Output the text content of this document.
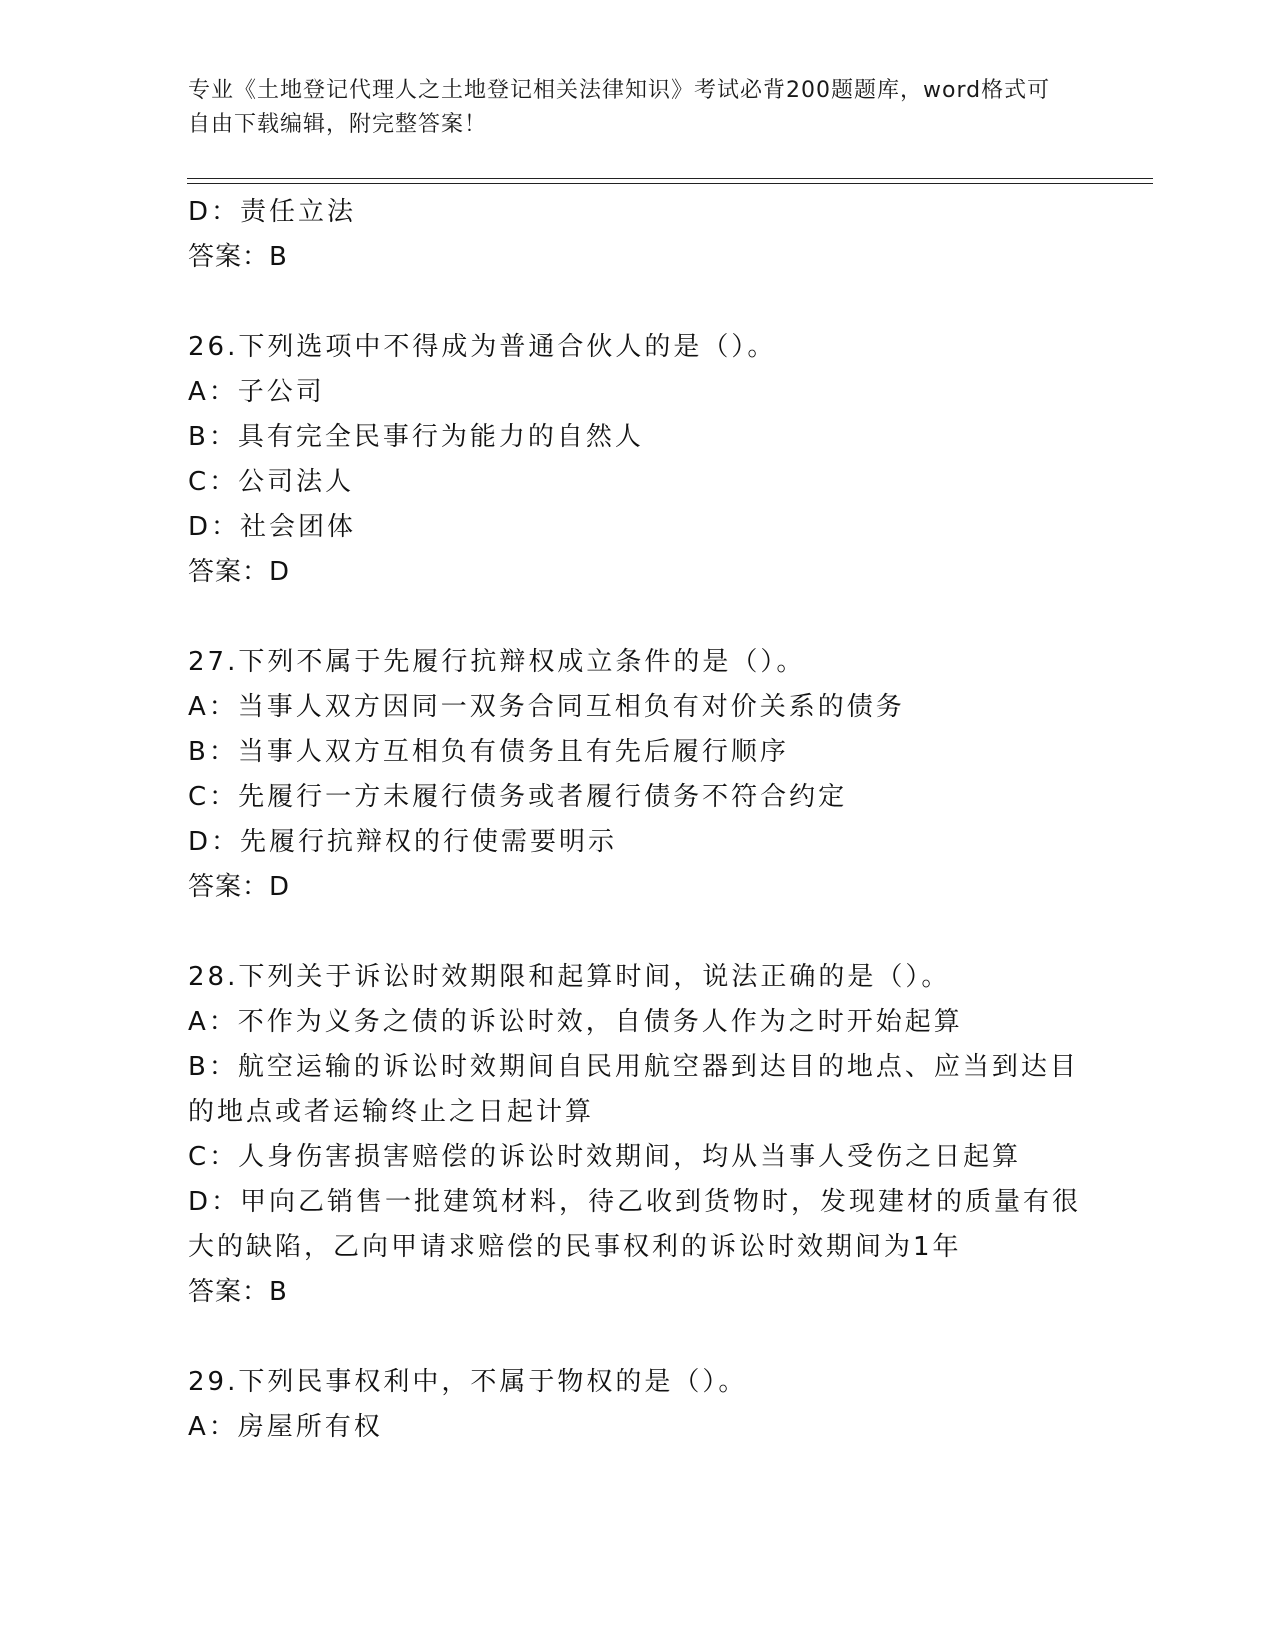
专业《土地登记代理人之土地登记相关法律知识》考试必背200题题库，word格式可自由下载编辑，附完整答案！
D：责任立法
答案：B
26.下列选项中不得成为普通合伙人的是（）。
A：子公司
B：具有完全民事行为能力的自然人
C：公司法人
D：社会团体
答案：D
27.下列不属于先履行抗辩权成立条件的是（）。
A：当事人双方因同一双务合同互相负有对价关系的债务
B：当事人双方互相负有债务且有先后履行顺序
C：先履行一方未履行债务或者履行债务不符合约定
D：先履行抗辩权的行使需要明示
答案：D
28.下列关于诉讼时效期限和起算时间，说法正确的是（）。
A：不作为义务之债的诉讼时效，自债务人作为之时开始起算
B：航空运输的诉讼时效期间自民用航空器到达目的地点、应当到达目
的地点或者运输终止之日起计算
C：人身伤害损害赔偿的诉讼时效期间，均从当事人受伤之日起算
D：甲向乙销售一批建筑材料，待乙收到货物时，发现建材的质量有很
大的缺陷，乙向甲请求赔偿的民事权利的诉讼时效期间为1年
答案：B
29.下列民事权利中，不属于物权的是（）。
A：房屋所有权
